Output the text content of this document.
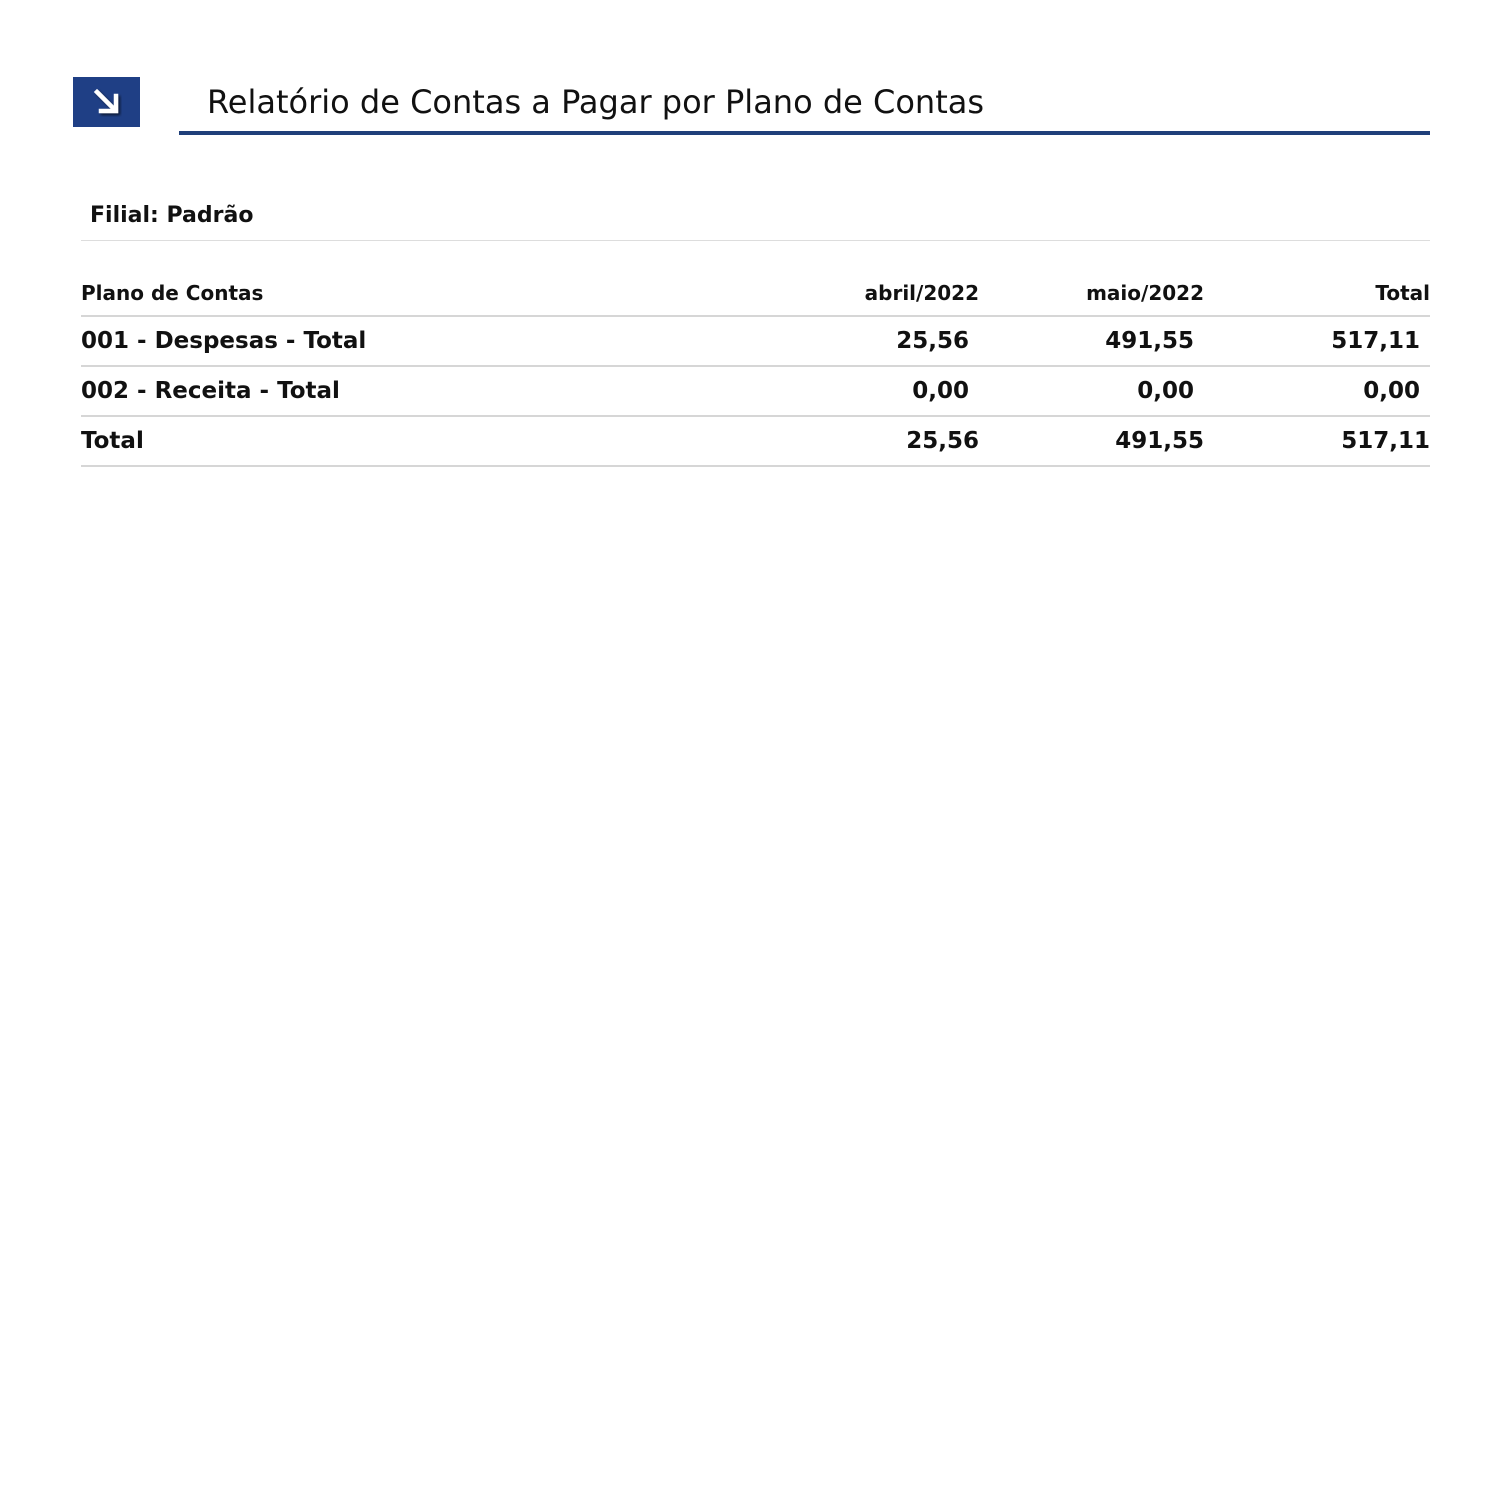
Relatório de Contas a Pagar por Plano de Contas
Filial: Padrão
Plano de Contas	abril/2022	maio/2022	Total
001 - Despesas - Total	25,56	491,55	517,11
002 - Receita - Total	0,00	0,00	0,00
Total	25,56	491,55	517,11
